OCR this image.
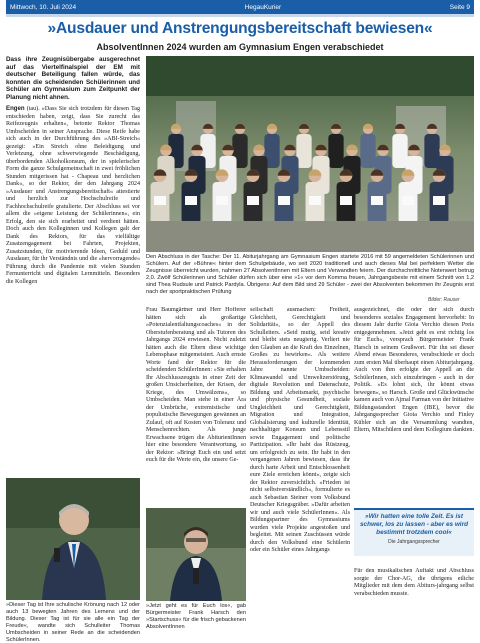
Mittwoch, 10. Juli 2024	HegauKurier	Seite 9
»Ausdauer und Anstrengungsbereitschaft bewiesen«
AbsolventInnen 2024 wurden am Gymnasium Engen verabschiedet

Dass ihre Zeugnisübergabe ausgerechnet auf das Viertelfinalspiel der EM mit deutscher Beteiligung fallen würde, das konnten die scheidenden Schülerinnen und Schüler am Gymnasium zum Zeitpunkt der Planung nicht ahnen.

Engen (tau). »Dass Sie sich trotzdem für diesen Tag entschieden haben, zeigt, dass Sie zurecht das Reifezeugnis erhalten«, betonte Rektor Thomas Umbscheiden in seiner Ansprache. Diese Reife habe sich auch in der Durchführung des »ABI-Streich« gezeigt: »Ein Streich ohne Beleidigung und Verletzung, ohne schwerwiegende Beschädigung, überbordenden Alkoholkonsum, der in spielerischer Form die ganze Schulgemeinschaft in zwei fröhlichen Stunden mitgerissen hat - Chapeau und herzlichen Dank«, so der Rektor, der den Jahrgang 2024 »Ausdauer und Anstrengungsbereitschaft« attestierte und herzlich zur Hochschulreife und Fachhochschulreife gratulierte. Der Abschluss sei vor allem die »eigene Leistung der Schülerinnen«, ein Erfolg, den sie sich erarbeitet und verdient hätten. Doch auch den Kolleginnen und Kollegen galt der Dank des Rektors, für das vielfältige Zusatzengagement bei Fahrten, Projekten, Zusatzstunden, für motivierende Ideen, Geduld und Ausdauer, für ihr Verständnis und die »hervorragende« Führung durch die Pandemie mit vielen Stunden Fernunterricht und digitalen Lernmitteln. Besonders die Kollegen

Den Abschluss in der Tasche: Der 11. Abiturjahrgang am Gymnasium Engen startete 2016 mit 59 angemeldeten Schülerinnen und Schülern. Auf der »Bühne« hinter dem Schulgebäude, wo seit 2020 traditionell und auch dieses Mal bei perfektem Wetter die Zeugnisse überreicht wurden, nahmen 27 AbsolventInnen mit Eltern und Verwandten feiern. Der durchschnittliche Notenwert betrug 2,0. Zwölf Schülerinnen und Schüler dürfen sich über eine »1« vor dem Komma freuen, Jahrgangsbeste mit einem Schnitt von 1,2 sind Thea Rudsule und Patrick Pardyla. Übrigens: Auf dem Bild sind 29 Schüler - zwei der Absolventen bekommen ihr Zeugnis erst nach der sportpraktischen Prüfung
Bilder: Rauser
Frau Baumgärtner und Herr Hofferer hätten sich als großartige »Potenzialentfaltungscoaches« in der Oberstufenberatung und als Tutoren des Jahrgangs 2024 erwiesen. Nicht zuletzt hätten auch die Eltern diese wichtige Lebensphase mitgemeistert. Auch ernste Worte fand der Rektor für die scheidenden SchülerInnen: »Sie erhalten Ihr Abschlusszeugnis in einer Zeit der großen Unsicherheiten, der Krisen, der Kriege, des Umwälzens«, so Umbscheiden. Man stehe in einer Ära der Umbrüche, extremistische und populistische Bewegungen gewännen an Zulauf, oft auf Kosten von Toleranz und Menschenrechten. Als junge Erwachsene trügen die AbiturientInnen hier eine besondere Verantwortung, so der Rektor: »Bringt Euch ein und setzt euch für die Werte ein, die unsere Ge-
sellschaft ausmachen: Freiheit, Gleichheit, Gerechtigkeit und Solidarität«, so der Appell des Schulleiters. »Seid mutig, seid kreativ und bleibt stets neugierig. Verliert nie den Glauben an die Kraft des Einzelnen, Großes zu bewirken«. Als weitere Herausforderungen der kommenden Jahre nannte Umbscheiden: Klimawandel und Umweltzerstörung, digitale Revolution und Datenschutz, Bildung und Arbeitsmarkt, psychische und physische Gesundheit, soziale Ungleichheit und Gerechtigkeit, Migration und Integration, Globalisierung und kulturelle Identität, nachhaltiger Konsum und Lebensstil sowie Engagement und politische Partizipation. »Ihr habt das Rüstzeug, um erfolgreich zu sein. Ihr habt in den vergangenen Jahren bewiesen, dass ihr durch harte Arbeit und Entschlossenheit eure Ziele erreichen könnt«, zeigte sich der Rektor zuversichtlich. »Frieden ist nicht selbstverständlich«, formulierte es auch Sebastian Steiner vom Volksbund Deutscher Kriegsgräber. »Dafür arbeiten wir und auch viele SchülerInnen«. Als Bildungspartner des Gymnasiums wurden viele Projekte angestoßen und begleitet. Mit seinen Zuschüssen würde durch den Volksbund eine Schülerin oder ein Schüler eines Jahrgangs
ausgezeichnet, die oder der sich durch besonderes soziales Engagement hervorhebt: In diesem Jahr durfte Gioia Verchio diesen Preis entgegennehmen. »Jetzt geht es erst richtig los für Euch«, versprach Bürgermeister Frank Harsch in seinem Grußwort. Für ihn sei dieser Abend etwas Besonderes, verabschiede er doch zum ersten Mal überhaupt einen Abiturjahrgang. Auch von ihm erfolgte der Appell an die SchülerInnen, sich einzubringen - auch in der Politik. »Es lohnt sich, ihr könnt etwas bewegen«, so Harsch. Große und Glückwünsche kamen auch von Ajmal Farman von der Initiative Bildungsstandort Engen (IBE), bevor die Jahrgangssprecher Gioia Verchio und Finley Kübler sich an die Versammlung wandten, Eltern, Mitschülern und dem Kollegium dankten.
»Wir hatten eine tolle Zeit. Es ist schwer, los zu lassen - aber es wird bestimmt trotzdem cool«
Die Jahrgangssprecher
Für den musikalischen Auftakt und Abschluss sorgte der Chor-AG, die übrigens etliche Mitglieder mit dem dem Abiturs-jahrgang selbst verabschieden musste.
»Dieser Tag ist Ihre schulische Krönung nach 12 oder auch 13 bewegten Jahren des Lernens und der Bildung. Dieser Tag ist für sie alle ein Tag der Freude«, wandte sich Schulleiter Thomas Umbscheiden in seiner Rede an die scheidenden SchülerInnen.
»Jetzt geht es für Euch los«, gab Bürgermeister Frank Harsch den »Startschuss« für die frisch gebackenen AbsolventInnen
